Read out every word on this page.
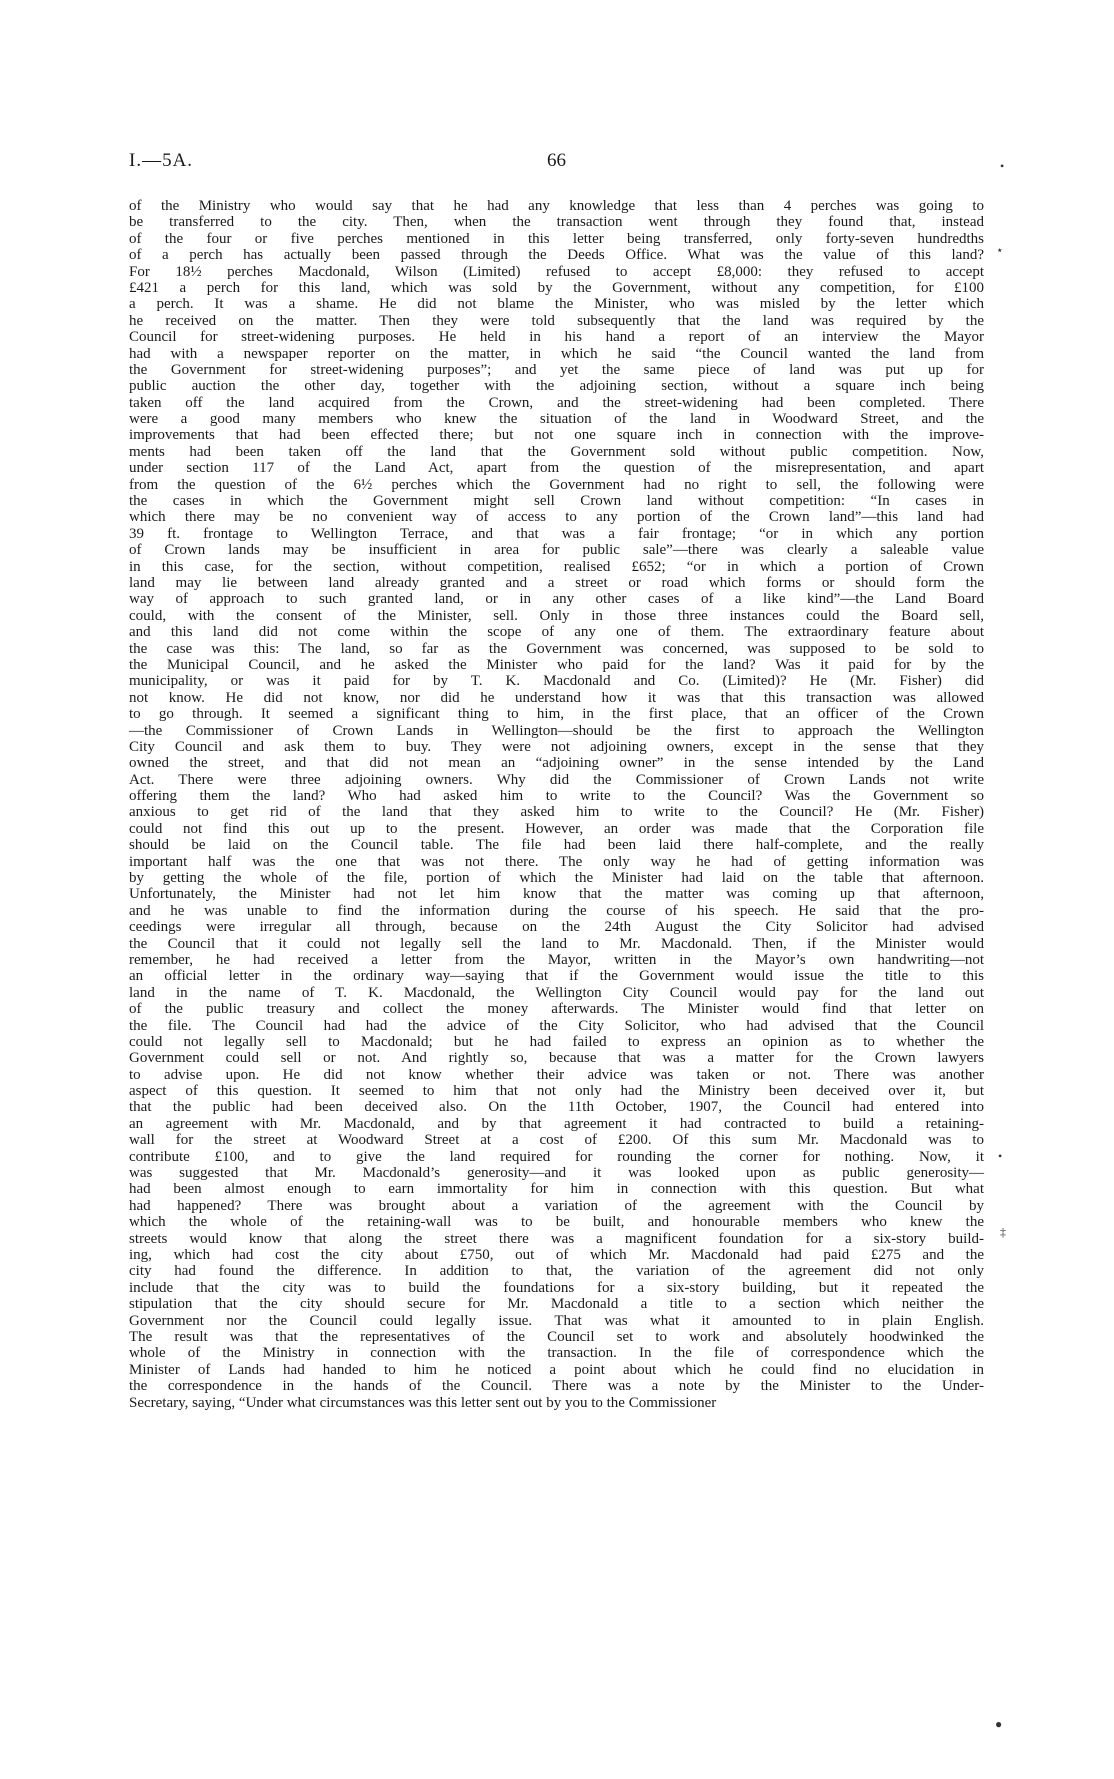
I.—5A.	66
of the Ministry who would say that he had any knowledge that less than 4 perches was going to
be transferred to the city. Then, when the transaction went through they found that, instead
of the four or five perches mentioned in this letter being transferred, only forty-seven hundredths
of a perch has actually been passed through the Deeds Office. What was the value of this land?
For 18½ perches Macdonald, Wilson (Limited) refused to accept £8,000: they refused to accept
£421 a perch for this land, which was sold by the Government, without any competition, for £100
a perch. It was a shame. He did not blame the Minister, who was misled by the letter which
he received on the matter. Then they were told subsequently that the land was required by the
Council for street-widening purposes. He held in his hand a report of an interview the Mayor
had with a newspaper reporter on the matter, in which he said “the Council wanted the land from
the Government for street-widening purposes”; and yet the same piece of land was put up for
public auction the other day, together with the adjoining section, without a square inch being
taken off the land acquired from the Crown, and the street-widening had been completed. There
were a good many members who knew the situation of the land in Woodward Street, and the
improvements that had been effected there; but not one square inch in connection with the improve-
ments had been taken off the land that the Government sold without public competition. Now,
under section 117 of the Land Act, apart from the question of the misrepresentation, and apart
from the question of the 6½ perches which the Government had no right to sell, the following were
the cases in which the Government might sell Crown land without competition: “In cases in
which there may be no convenient way of access to any portion of the Crown land”—this land had
39 ft. frontage to Wellington Terrace, and that was a fair frontage; “or in which any portion
of Crown lands may be insufficient in area for public sale”—there was clearly a saleable value
in this case, for the section, without competition, realised £652; “or in which a portion of Crown
land may lie between land already granted and a street or road which forms or should form the
way of approach to such granted land, or in any other cases of a like kind”—the Land Board
could, with the consent of the Minister, sell. Only in those three instances could the Board sell,
and this land did not come within the scope of any one of them. The extraordinary feature about
the case was this: The land, so far as the Government was concerned, was supposed to be sold to
the Municipal Council, and he asked the Minister who paid for the land? Was it paid for by the
municipality, or was it paid for by T. K. Macdonald and Co. (Limited)? He (Mr. Fisher) did
not know. He did not know, nor did he understand how it was that this transaction was allowed
to go through. It seemed a significant thing to him, in the first place, that an officer of the Crown
—the Commissioner of Crown Lands in Wellington—should be the first to approach the Wellington
City Council and ask them to buy. They were not adjoining owners, except in the sense that they
owned the street, and that did not mean an “adjoining owner” in the sense intended by the Land
Act. There were three adjoining owners. Why did the Commissioner of Crown Lands not write
offering them the land? Who had asked him to write to the Council? Was the Government so
anxious to get rid of the land that they asked him to write to the Council? He (Mr. Fisher)
could not find this out up to the present. However, an order was made that the Corporation file
should be laid on the Council table. The file had been laid there half-complete, and the really
important half was the one that was not there. The only way he had of getting information was
by getting the whole of the file, portion of which the Minister had laid on the table that afternoon.
Unfortunately, the Minister had not let him know that the matter was coming up that afternoon,
and he was unable to find the information during the course of his speech. He said that the pro-
ceedings were irregular all through, because on the 24th August the City Solicitor had advised
the Council that it could not legally sell the land to Mr. Macdonald. Then, if the Minister would
remember, he had received a letter from the Mayor, written in the Mayor’s own handwriting—not
an official letter in the ordinary way—saying that if the Government would issue the title to this
land in the name of T. K. Macdonald, the Wellington City Council would pay for the land out
of the public treasury and collect the money afterwards. The Minister would find that letter on
the file. The Council had had the advice of the City Solicitor, who had advised that the Council
could not legally sell to Macdonald; but he had failed to express an opinion as to whether the
Government could sell or not. And rightly so, because that was a matter for the Crown lawyers
to advise upon. He did not know whether their advice was taken or not. There was another
aspect of this question. It seemed to him that not only had the Ministry been deceived over it, but
that the public had been deceived also. On the 11th October, 1907, the Council had entered into
an agreement with Mr. Macdonald, and by that agreement it had contracted to build a retaining-
wall for the street at Woodward Street at a cost of £200. Of this sum Mr. Macdonald was to
contribute £100, and to give the land required for rounding the corner for nothing. Now, it
was suggested that Mr. Macdonald’s generosity—and it was looked upon as public generosity—
had been almost enough to earn immortality for him in connection with this question. But what
had happened? There was brought about a variation of the agreement with the Council by
which the whole of the retaining-wall was to be built, and honourable members who knew the
streets would know that along the street there was a magnificent foundation for a six-story build-
ing, which had cost the city about £750, out of which Mr. Macdonald had paid £275 and the
city had found the difference. In addition to that, the variation of the agreement did not only
include that the city was to build the foundations for a six-story building, but it repeated the
stipulation that the city should secure for Mr. Macdonald a title to a section which neither the
Government nor the Council could legally issue. That was what it amounted to in plain English.
The result was that the representatives of the Council set to work and absolutely hoodwinked the
whole of the Ministry in connection with the transaction. In the file of correspondence which the
Minister of Lands had handed to him he noticed a point about which he could find no elucidation in
the correspondence in the hands of the Council. There was a note by the Minister to the Under-
Secretary, saying, “Under what circumstances was this letter sent out by you to the Commissioner
•
⋆
•
‡
●
